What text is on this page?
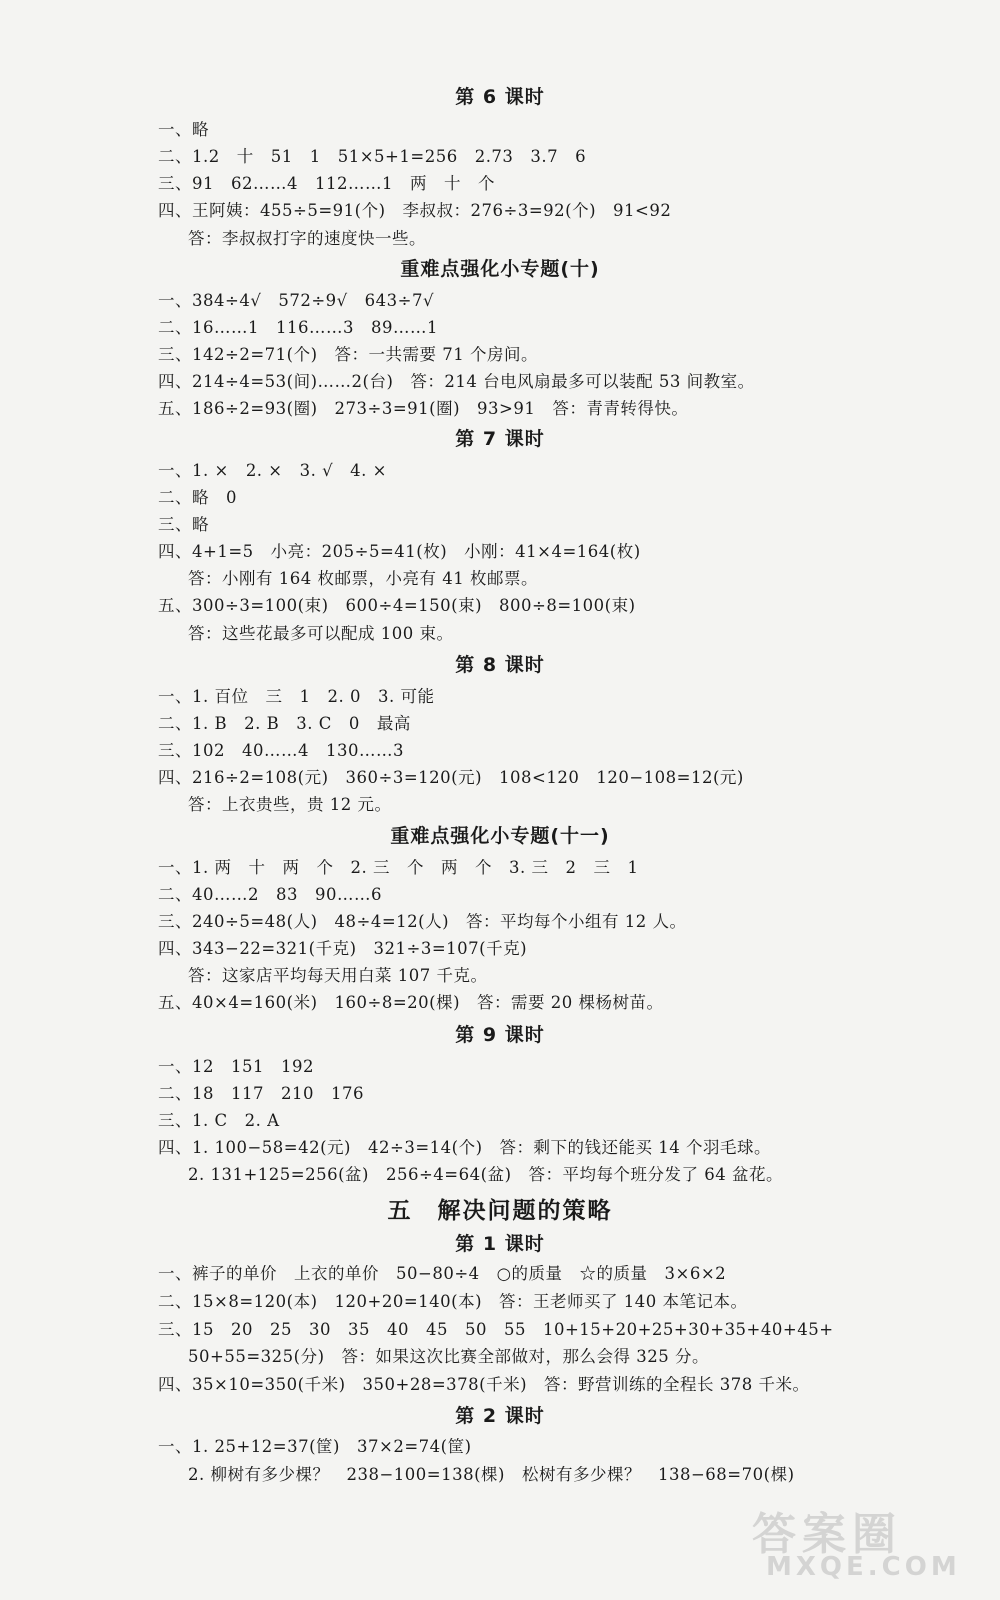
第 6 课时
一、略
二、1.2　十　51　1　51×5+1=256　2.73　3.7　6
三、91　62……4　112……1　两　十　个
四、王阿姨：455÷5=91(个)　李叔叔：276÷3=92(个)　91<92
答：李叔叔打字的速度快一些。
重难点强化小专题(十)
一、384÷4√　572÷9√　643÷7√
二、16……1　116……3　89……1
三、142÷2=71(个)　答：一共需要 71 个房间。
四、214÷4=53(间)……2(台)　答：214 台电风扇最多可以装配 53 间教室。
五、186÷2=93(圈)　273÷3=91(圈)　93>91　答：青青转得快。
第 7 课时
一、1. ×　2. ×　3. √　4. ×
二、略　0
三、略
四、4+1=5　小亮：205÷5=41(枚)　小刚：41×4=164(枚)
答：小刚有 164 枚邮票，小亮有 41 枚邮票。
五、300÷3=100(束)　600÷4=150(束)　800÷8=100(束)
答：这些花最多可以配成 100 束。
第 8 课时
一、1. 百位　三　1　2. 0　3. 可能
二、1. B　2. B　3. C　0　最高
三、102　40……4　130……3
四、216÷2=108(元)　360÷3=120(元)　108<120　120−108=12(元)
答：上衣贵些，贵 12 元。
重难点强化小专题(十一)
一、1. 两　十　两　个　2. 三　个　两　个　3. 三　2　三　1
二、40……2　83　90……6
三、240÷5=48(人)　48÷4=12(人)　答：平均每个小组有 12 人。
四、343−22=321(千克)　321÷3=107(千克)
答：这家店平均每天用白菜 107 千克。
五、40×4=160(米)　160÷8=20(棵)　答：需要 20 棵杨树苗。
第 9 课时
一、12　151　192
二、18　117　210　176
三、1. C　2. A
四、1. 100−58=42(元)　42÷3=14(个)　答：剩下的钱还能买 14 个羽毛球。
2. 131+125=256(盆)　256÷4=64(盆)　答：平均每个班分发了 64 盆花。
五　解决问题的策略
第 1 课时
一、裤子的单价　上衣的单价　50−80÷4　○的质量　☆的质量　3×6×2
二、15×8=120(本)　120+20=140(本)　答：王老师买了 140 本笔记本。
三、15　20　25　30　35　40　45　50　55　10+15+20+25+30+35+40+45+
50+55=325(分)　答：如果这次比赛全部做对，那么会得 325 分。
四、35×10=350(千米)　350+28=378(千米)　答：野营训练的全程长 378 千米。
第 2 课时
一、1. 25+12=37(筐)　37×2=74(筐)
2. 柳树有多少棵？　238−100=138(棵)　松树有多少棵？　138−68=70(棵)
答案圈
MXQE.COM
